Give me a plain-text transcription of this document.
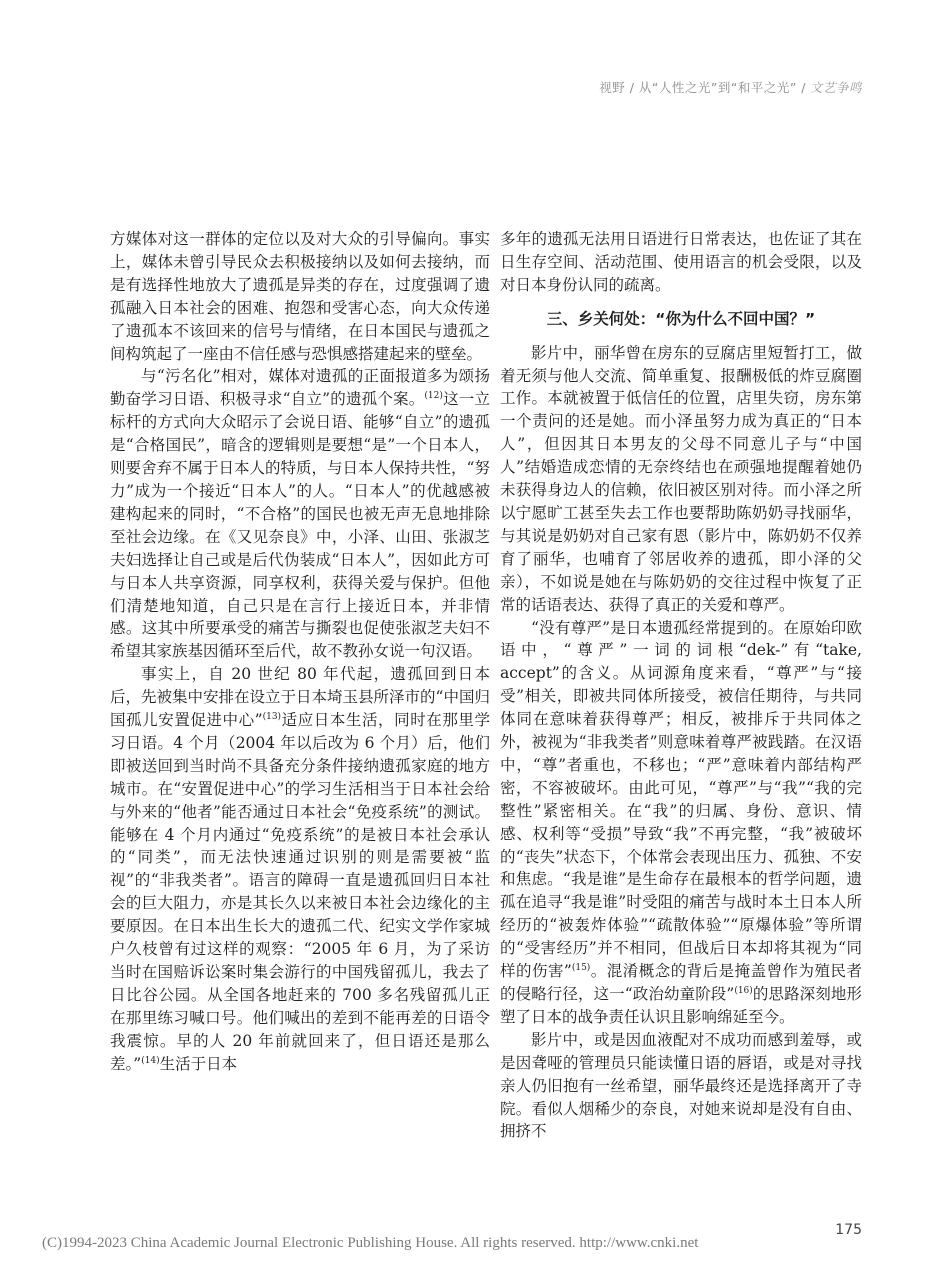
视野 / 从“人性之光”到“和平之光” / 文艺争鸣

方媒体对这一群体的定位以及对大众的引导偏向。事实上，媒体未曾引导民众去积极接纳以及如何去接纳，而是有选择性地放大了遗孤是异类的存在，过度强调了遗孤融入日本社会的困难、抱怨和受害心态，向大众传递了遗孤本不该回来的信号与情绪，在日本国民与遗孤之间构筑起了一座由不信任感与恐惧感搭建起来的壁垒。

与“污名化”相对，媒体对遗孤的正面报道多为颂扬勤奋学习日语、积极寻求“自立”的遗孤个案。$^{(12)}$这一立标杆的方式向大众昭示了会说日语、能够“自立”的遗孤是“合格国民”，暗含的逻辑则是要想“是”一个日本人，则要舍弃不属于日本人的特质，与日本人保持共性，“努力”成为一个接近“日本人”的人。“日本人”的优越感被建构起来的同时，“不合格”的国民也被无声无息地排除至社会边缘。在《又见奈良》中，小泽、山田、张淑芝夫妇选择让自己或是后代伪装成“日本人”，因如此方可与日本人共享资源，同享权利，获得关爱与保护。但他们清楚地知道，自己只是在言行上接近日本，并非情感。这其中所要承受的痛苦与撕裂也促使张淑芝夫妇不希望其家族基因循环至后代，故不教孙女说一句汉语。

事实上，自 20 世纪 80 年代起，遗孤回到日本后，先被集中安排在设立于日本埼玉县所泽市的“中国归国孤儿安置促进中心”$^{(13)}$适应日本生活，同时在那里学习日语。4 个月（2004 年以后改为 6 个月）后，他们即被送回到当时尚不具备充分条件接纳遗孤家庭的地方城市。在“安置促进中心”的学习生活相当于日本社会给与外来的“他者”能否通过日本社会“免疫系统”的测试。能够在 4 个月内通过“免疫系统”的是被日本社会承认的“同类”，而无法快速通过识别的则是需要被“监视”的“非我类者”。语言的障碍一直是遗孤回归日本社会的巨大阻力，亦是其长久以来被日本社会边缘化的主要原因。在日本出生长大的遗孤二代、纪实文学作家城户久枝曾有过这样的观察：“2005 年 6 月，为了采访当时在国赔诉讼案时集会游行的中国残留孤儿，我去了日比谷公园。从全国各地赶来的 700 多名残留孤儿正在那里练习喊口号。他们喊出的差到不能再差的日语令我震惊。早的人 20 年前就回来了，但日语还是那么差。”$^{(14)}$生活于日本

多年的遗孤无法用日语进行日常表达，也佐证了其在日生存空间、活动范围、使用语言的机会受限，以及对日本身份认同的疏离。

三、乡关何处：“你为什么不回中国？”

影片中，丽华曾在房东的豆腐店里短暂打工，做着无须与他人交流、简单重复、报酬极低的炸豆腐圈工作。本就被置于低信任的位置，店里失窃，房东第一个责问的还是她。而小泽虽努力成为真正的“日本人”，但因其日本男友的父母不同意儿子与“中国人”结婚造成恋情的无奈终结也在顽强地提醒着她仍未获得身边人的信赖，依旧被区别对待。而小泽之所以宁愿旷工甚至失去工作也要帮助陈奶奶寻找丽华，与其说是奶奶对自己家有恩（影片中，陈奶奶不仅养育了丽华，也哺育了邻居收养的遗孤，即小泽的父亲），不如说是她在与陈奶奶的交往过程中恢复了正常的话语表达、获得了真正的关爱和尊严。

“没有尊严”是日本遗孤经常提到的。在原始印欧语中，“尊严”一词的词根“dek-”有“take, accept”的含义。从词源角度来看，“尊严”与“接受”相关，即被共同体所接受，被信任期待，与共同体同在意味着获得尊严；相反，被排斥于共同体之外，被视为“非我类者”则意味着尊严被践踏。在汉语中，“尊”者重也，不移也；“严”意味着内部结构严密，不容被破坏。由此可见，“尊严”与“我”“我的完整性”紧密相关。在“我”的归属、身份、意识、情感、权利等“受损”导致“我”不再完整，“我”被破坏的“丧失”状态下，个体常会表现出压力、孤独、不安和焦虑。“我是谁”是生命存在最根本的哲学问题，遗孤在追寻“我是谁”时受阻的痛苦与战时本土日本人所经历的“被轰炸体验”“疏散体验”“原爆体验”等所谓的“受害经历”并不相同，但战后日本却将其视为“同样的伤害”$^{(15)}$。混淆概念的背后是掩盖曾作为殖民者的侵略行径，这一“政治幼童阶段”$^{(16)}$的思路深刻地形塑了日本的战争责任认识且影响绵延至今。

影片中，或是因血液配对不成功而感到羞辱，或是因聋哑的管理员只能读懂日语的唇语，或是对寻找亲人仍旧抱有一丝希望，丽华最终还是选择离开了寺院。看似人烟稀少的奈良，对她来说却是没有自由、拥挤不

175
(C)1994-2023 China Academic Journal Electronic Publishing House. All rights reserved. http://www.cnki.net
